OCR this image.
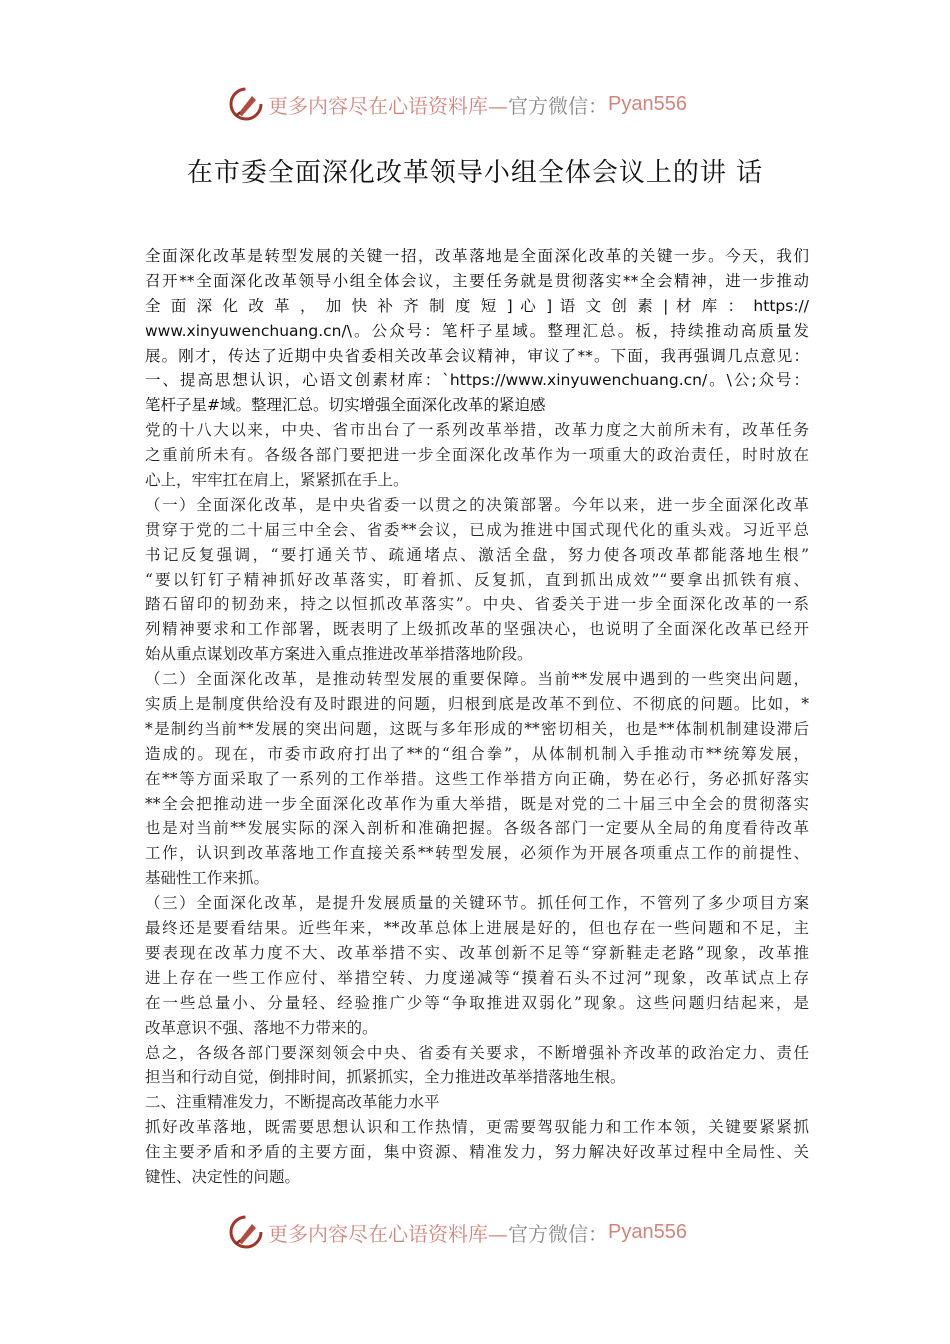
更多内容尽在心语资料库— 官方微信： Pyan556
在市委全面深化改革领导小组全体会议上的讲 话
全面深化改革是转型发展的关键一招，改革落地是全面深化改革的关键一步。今天，我们
召开**全面深化改革领导小组全体会议，主要任务就是贯彻落实**全会精神，进一步推动
全 面 深 化 改 革 ， 加 快 补 齐 制 度 短 ] 心 ] 语 文 创 素 | 材 库 ： https://
www.xinyuwenchuang.cn/\。公众号：笔杆子星域。整理汇总。板，持续推动高质量发
展。刚才，传达了近期中央省委相关改革会议精神，审议了**。下面，我再强调几点意见：
一、提高思想认识，心语文创素材库：`https://www.xinyuwenchuang.cn/。\公;众号：
笔杆子星#域。整理汇总。切实增强全面深化改革的紧迫感
党的十八大以来，中央、省市出台了一系列改革举措，改革力度之大前所未有，改革任务
之重前所未有。各级各部门要把进一步全面深化改革作为一项重大的政治责任，时时放在
心上，牢牢扛在肩上，紧紧抓在手上。
（一）全面深化改革，是中央省委一以贯之的决策部署。今年以来，进一步全面深化改革
贯穿于党的二十届三中全会、省委**会议，已成为推进中国式现代化的重头戏。习近平总
书记反复强调，“要打通关节、疏通堵点、激活全盘，努力使各项改革都能落地生根”
“要以钉钉子精神抓好改革落实，盯着抓、反复抓，直到抓出成效”“要拿出抓铁有痕、
踏石留印的韧劲来，持之以恒抓改革落实”。中央、省委关于进一步全面深化改革的一系
列精神要求和工作部署，既表明了上级抓改革的坚强决心，也说明了全面深化改革已经开
始从重点谋划改革方案进入重点推进改革举措落地阶段。
（二）全面深化改革，是推动转型发展的重要保障。当前**发展中遇到的一些突出问题，
实质上是制度供给没有及时跟进的问题，归根到底是改革不到位、不彻底的问题。比如，*
*是制约当前**发展的突出问题，这既与多年形成的**密切相关，也是**体制机制建设滞后
造成的。现在，市委市政府打出了**的“组合拳”，从体制机制入手推动市**统筹发展，
在**等方面采取了一系列的工作举措。这些工作举措方向正确，势在必行，务必抓好落实
**全会把推动进一步全面深化改革作为重大举措，既是对党的二十届三中全会的贯彻落实
也是对当前**发展实际的深入剖析和准确把握。各级各部门一定要从全局的角度看待改革
工作，认识到改革落地工作直接关系**转型发展，必须作为开展各项重点工作的前提性、
基础性工作来抓。
（三）全面深化改革，是提升发展质量的关键环节。抓任何工作，不管列了多少项目方案
最终还是要看结果。近些年来，**改革总体上进展是好的，但也存在一些问题和不足，主
要表现在改革力度不大、改革举措不实、改革创新不足等“穿新鞋走老路”现象，改革推
进上存在一些工作应付、举措空转、力度递减等“摸着石头不过河”现象，改革试点上存
在一些总量小、分量轻、经验推广少等“争取推进双弱化”现象。这些问题归结起来，是
改革意识不强、落地不力带来的。
总之，各级各部门要深刻领会中央、省委有关要求，不断增强补齐改革的政治定力、责任
担当和行动自觉，倒排时间，抓紧抓实，全力推进改革举措落地生根。
二、注重精准发力，不断提高改革能力水平
抓好改革落地，既需要思想认识和工作热情，更需要驾驭能力和工作本领，关键要紧紧抓
住主要矛盾和矛盾的主要方面，集中资源、精准发力，努力解决好改革过程中全局性、关
键性、决定性的问题。
更多内容尽在心语资料库— 官方微信： Pyan556
